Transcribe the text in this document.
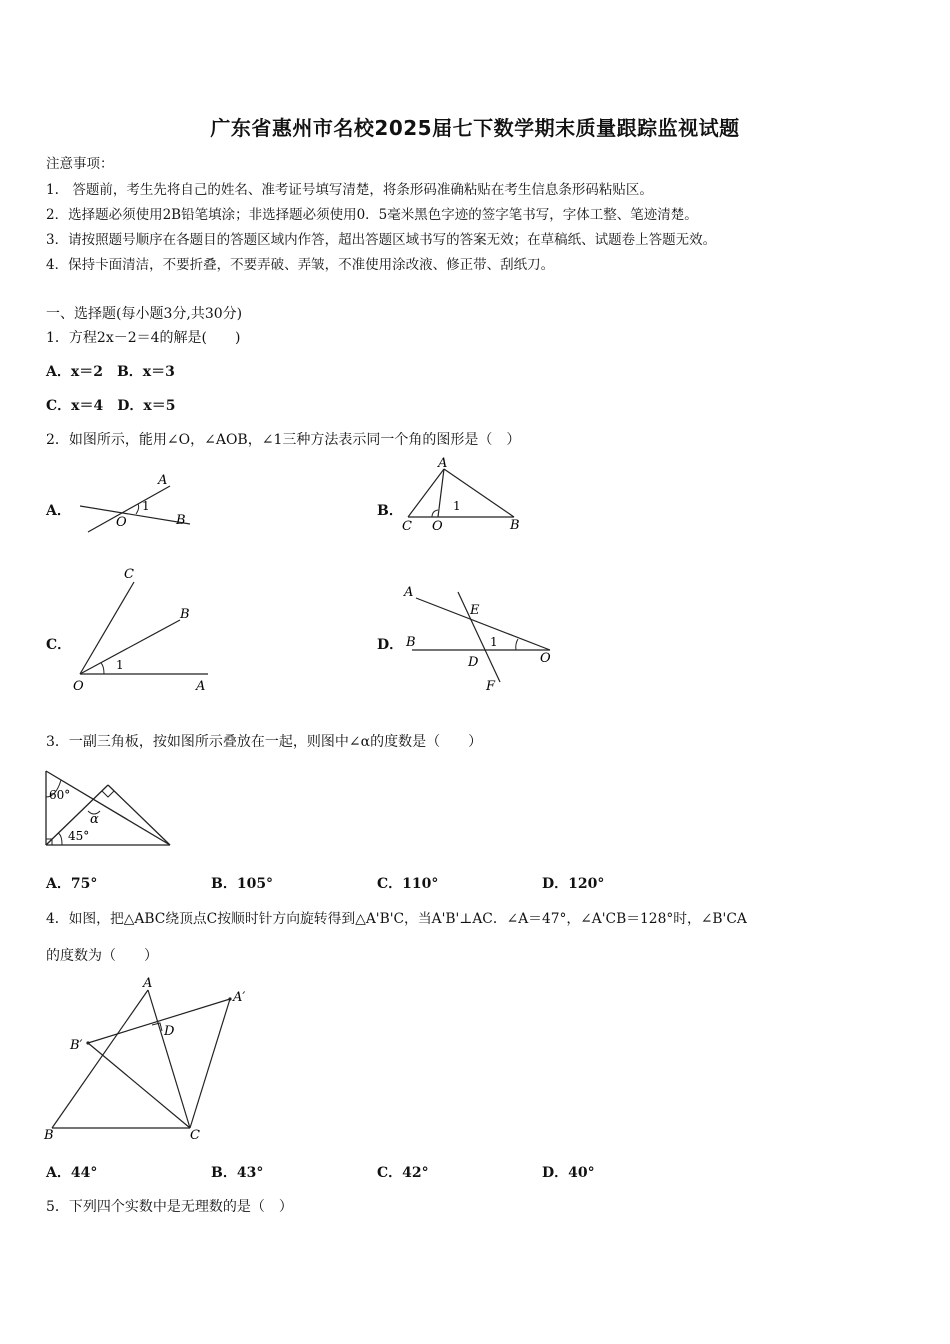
广东省惠州市名校2025届七下数学期末质量跟踪监视试题
注意事项：
1.　答题前，考生先将自己的姓名、准考证号填写清楚，将条形码准确粘贴在考生信息条形码粘贴区。
2．选择题必须使用2B铅笔填涂；非选择题必须使用0．5毫米黑色字迹的签字笔书写，字体工整、笔迹清楚。
3．请按照题号顺序在各题目的答题区域内作答，超出答题区域书写的答案无效；在草稿纸、试题卷上答题无效。
4．保持卡面清洁，不要折叠，不要弄破、弄皱，不准使用涂改液、修正带、刮纸刀。
一、选择题(每小题3分,共30分)
1．方程2x－2＝4的解是(　　)
A．x＝2　B．x＝3
C．x＝4　D．x＝5
2．如图所示，能用∠O，∠AOB，∠1三种方法表示同一个角的图形是（　）
A．
A
B
O
1	B．
A
B
C O
1
C．
C
B
A
O
1
D．
A
B
E
D
F
O
1
3．一副三角板，按如图所示叠放在一起，则图中∠α的度数是（　　）
60°
45°
α
A．75°	B．105°	C．110°	D．120°
4．如图，把△ABC绕顶点C按顺时针方向旋转得到△A'B'C，当A'B'⊥AC．∠A＝47°，∠A'CB＝128°时，∠B'CA
的度数为（　　）
A
A′
B′
D
B	C
A．44°	B．43°	C．42°	D．40°
5．下列四个实数中是无理数的是（　）
